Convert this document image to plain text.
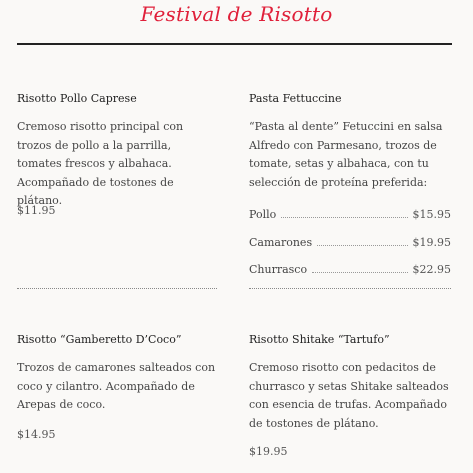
Festival de Risotto
Risotto Pollo Caprese
Cremoso risotto principal con trozos de pollo a la parrilla, tomates frescos y albahaca. Acompañado de tostones de plátano.
$11.95
Pasta Fettuccine
“Pasta al dente” Fetuccini en salsa Alfredo con Parmesano, trozos de tomate, setas y albahaca, con tu selección de proteína preferida:
Pollo	$15.95
Camarones	$19.95
Churrasco	$22.95
Risotto “Gamberetto D’Coco”
Trozos de camarones salteados con coco y cilantro. Acompañado de Arepas de coco.
$14.95
Risotto Shitake “Tartufo”
Cremoso risotto con pedacitos de churrasco y setas Shitake salteados con esencia de trufas. Acompañado de tostones de plátano.
$19.95
